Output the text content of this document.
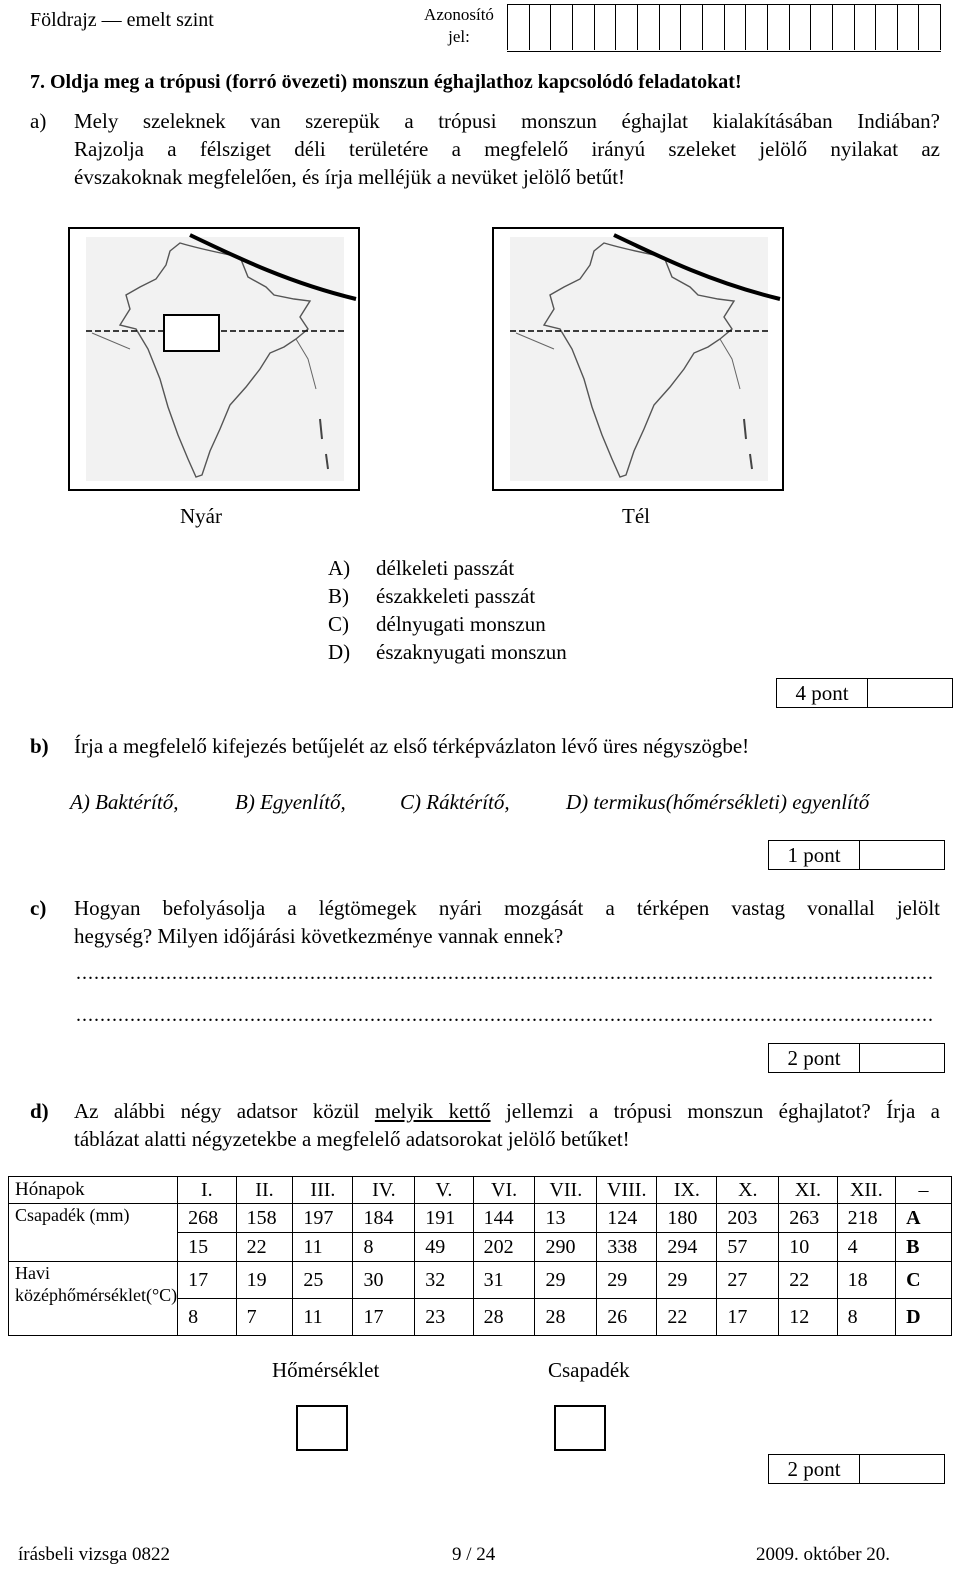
Földrajz — emelt szint	Azonosító jel:
7. Oldja meg a trópusi (forró övezeti) monszun éghajlathoz kapcsolódó feladatokat!
a) Mely szeleknek van szerepük a trópusi monszun éghajlat kialakításában Indiában?
Rajzolja a félsziget déli területére a megfelelő irányú szeleket jelölő nyilakat az
évszakoknak megfelelően, és írja melléjük a nevüket jelölő betűt!
Nyár	Tél
A) délkeleti passzát
B) északkeleti passzát
C) délnyugati monszun
D) északnyugati monszun
4 pont
b) Írja a megfelelő kifejezés betűjelét az első térképvázlaton lévő üres négyszögbe!
A) Baktérítő,	B) Egyenlítő,	C) Ráktérítő,	D) termikus(hőmérsékleti) egyenlítő
1 pont
c) Hogyan befolyásolja a légtömegek nyári mozgását a térképen vastag vonallal jelölt
hegység? Milyen időjárási következménye vannak ennek?
...............................................................................................................................................
...............................................................................................................................................
2 pont
d) Az alábbi négy adatsor közül melyik kettő jellemzi a trópusi monszun éghajlatot? Írja a
táblázat alatti négyzetekbe a megfelelő adatsorokat jelölő betűket!
Hónapok	I.	II.	III.	IV.	V.	VI.	VII.	VIII.	IX.	X.	XI.	XII.	–
Csapadék (mm)	268	158	197	184	191	144	13	124	180	203	263	218	A
	15	22	11	8	49	202	290	338	294	57	10	4	B
Havi középhőmérséklet(°C)	17	19	25	30	32	31	29	29	29	27	22	18	C
	8	7	11	17	23	28	28	26	22	17	12	8	D
Hőmérséklet	Csapadék
2 pont
írásbeli vizsga 0822	9 / 24	2009. október 20.
